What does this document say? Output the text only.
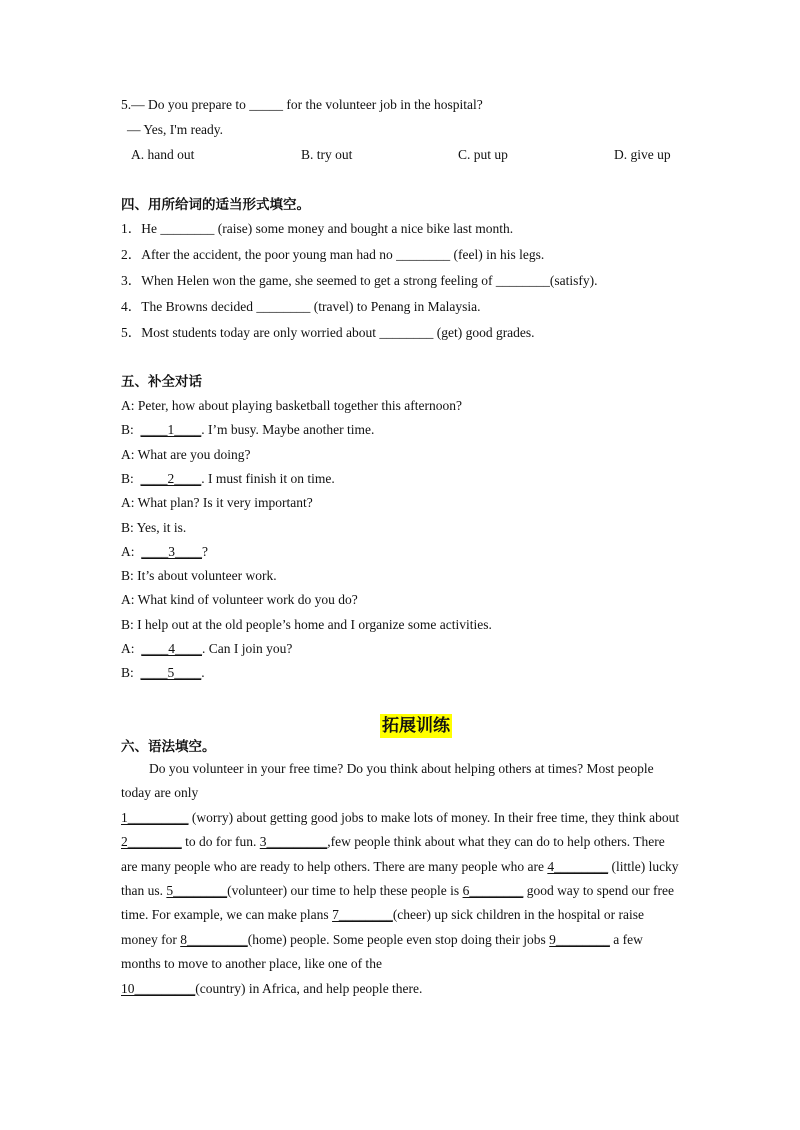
5.— Do you prepare to _____ for the volunteer job in the hospital?
— Yes, I'm ready.
A. hand out	B. try out	C. put up	D. give up
四、用所给词的适当形式填空。
1．He ________ (raise) some money and bought a nice bike last month.
2．After the accident, the poor young man had no ________ (feel) in his legs.
3．When Helen won the game, she seemed to get a strong feeling of ________(satisfy).
4．The Browns decided ________ (travel) to Penang in Malaysia.
5．Most students today are only worried about ________ (get) good grades.
五、补全对话
A: Peter, how about playing basketball together this afternoon?
B:  ____1____. I’m busy. Maybe another time.
A: What are you doing?
B:  ____2____. I must finish it on time.
A: What plan? Is it very important?
B: Yes, it is.
A:  ____3____?
B: It’s about volunteer work.
A: What kind of volunteer work do you do?
B: I help out at the old people’s home and I organize some activities.
A:  ____4____. Can I join you?
B:  ____5____.
拓展训练
六、语法填空。
Do you volunteer in your free time? Do you think about helping others at times? Most people today are only
1_________ (worry) about getting good jobs to make lots of money. In their free time, they think about
2________ to do for fun. 3_________,few people think about what they can do to help others. There are many people who are ready to help others. There are many people who are 4________ (little) lucky than us. 5________(volunteer) our time to help these people is 6________ good way to spend our free time. For example, we can make plans 7________(cheer) up sick children in the hospital or raise money for 8_________(home) people. Some people even stop doing their jobs 9________ a few months to move to another place, like one of the
10_________(country) in Africa, and help people there.
